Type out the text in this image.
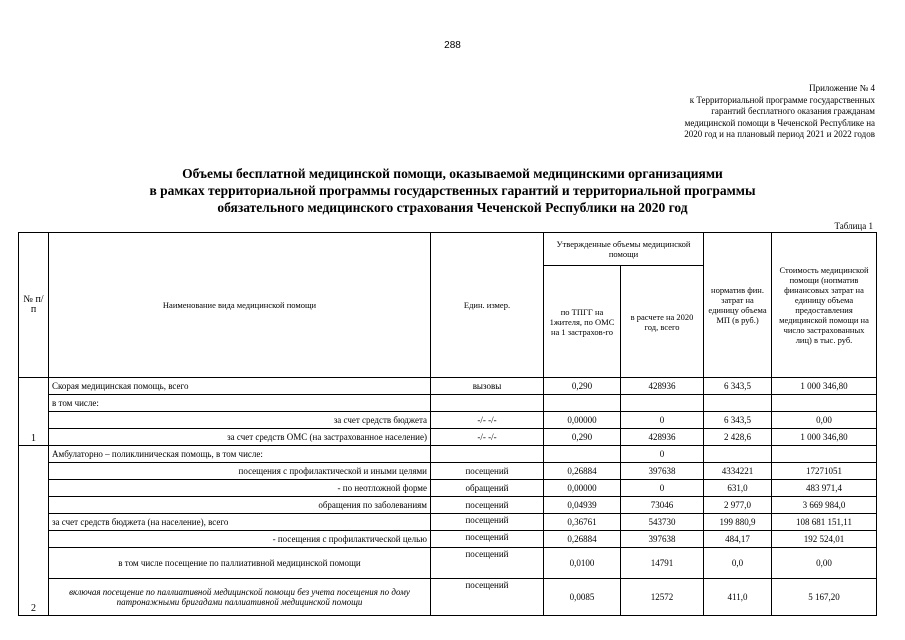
288
Приложение № 4
к Территориальной программе государственных
гарантий бесплатного оказания гражданам
медицинской помощи в Чеченской Республике на
2020 год и на плановый период 2021 и 2022 годов
Объемы бесплатной медицинской помощи, оказываемой медицинскими организациями
в рамках территориальной программы государственных гарантий и территориальной программы
обязательного медицинского страхования Чеченской Республики на 2020 год
Таблица 1
№ п/п	Наименование вида медицинской помощи	Един. измер.	Утвержденные объемы медицинской помощи		норматив фин. затрат на единицу объема МП (в руб.)	Стоимость медицинской помощи (нопматив финансовых затрат на единицу объема предоставления медицинской помощи на число застрахованных лиц) в тыс. руб.
			по ТПГГ на 1жителя, по ОМС на 1 застрахов-го	в расчете на 2020 год, всего		
1	Скорая медицинская помощь, всего	вызовы	0,290	428936	6 343,5	1 000 346,80
	в том числе:					
	за счет средств бюджета	-/- -/-	0,00000	0	6 343,5	0,00
	за счет средств ОМС (на застрахованное население)	-/- -/-	0,290	428936	2 428,6	1 000 346,80
2	Амбулаторно – поликлиническая помощь, в том числе:			0		
	посещения с профилактической и иными целями	посещений	0,26884	397638	4334221	17271051
	- по неотложной форме	обращений	0,00000	0	631,0	483 971,4
	обращения по заболеваниям	посещений	0,04939	73046	2 977,0	3 669 984,0
	за счет средств бюджета (на население), всего	посещений	0,36761	543730	199 880,9	108 681 151,11
	- посещения с профилактической целью	посещений	0,26884	397638	484,17	192 524,01
	в том числе посещение по паллиативной медицинской помощи	посещений	0,0100	14791	0,0	0,00
	включая посещение по паллиативной медицинской помощи без учета посещения по дому патронажными бригадами паллиативной медицинской помощи	посещений	0,0085	12572	411,0	5 167,20
